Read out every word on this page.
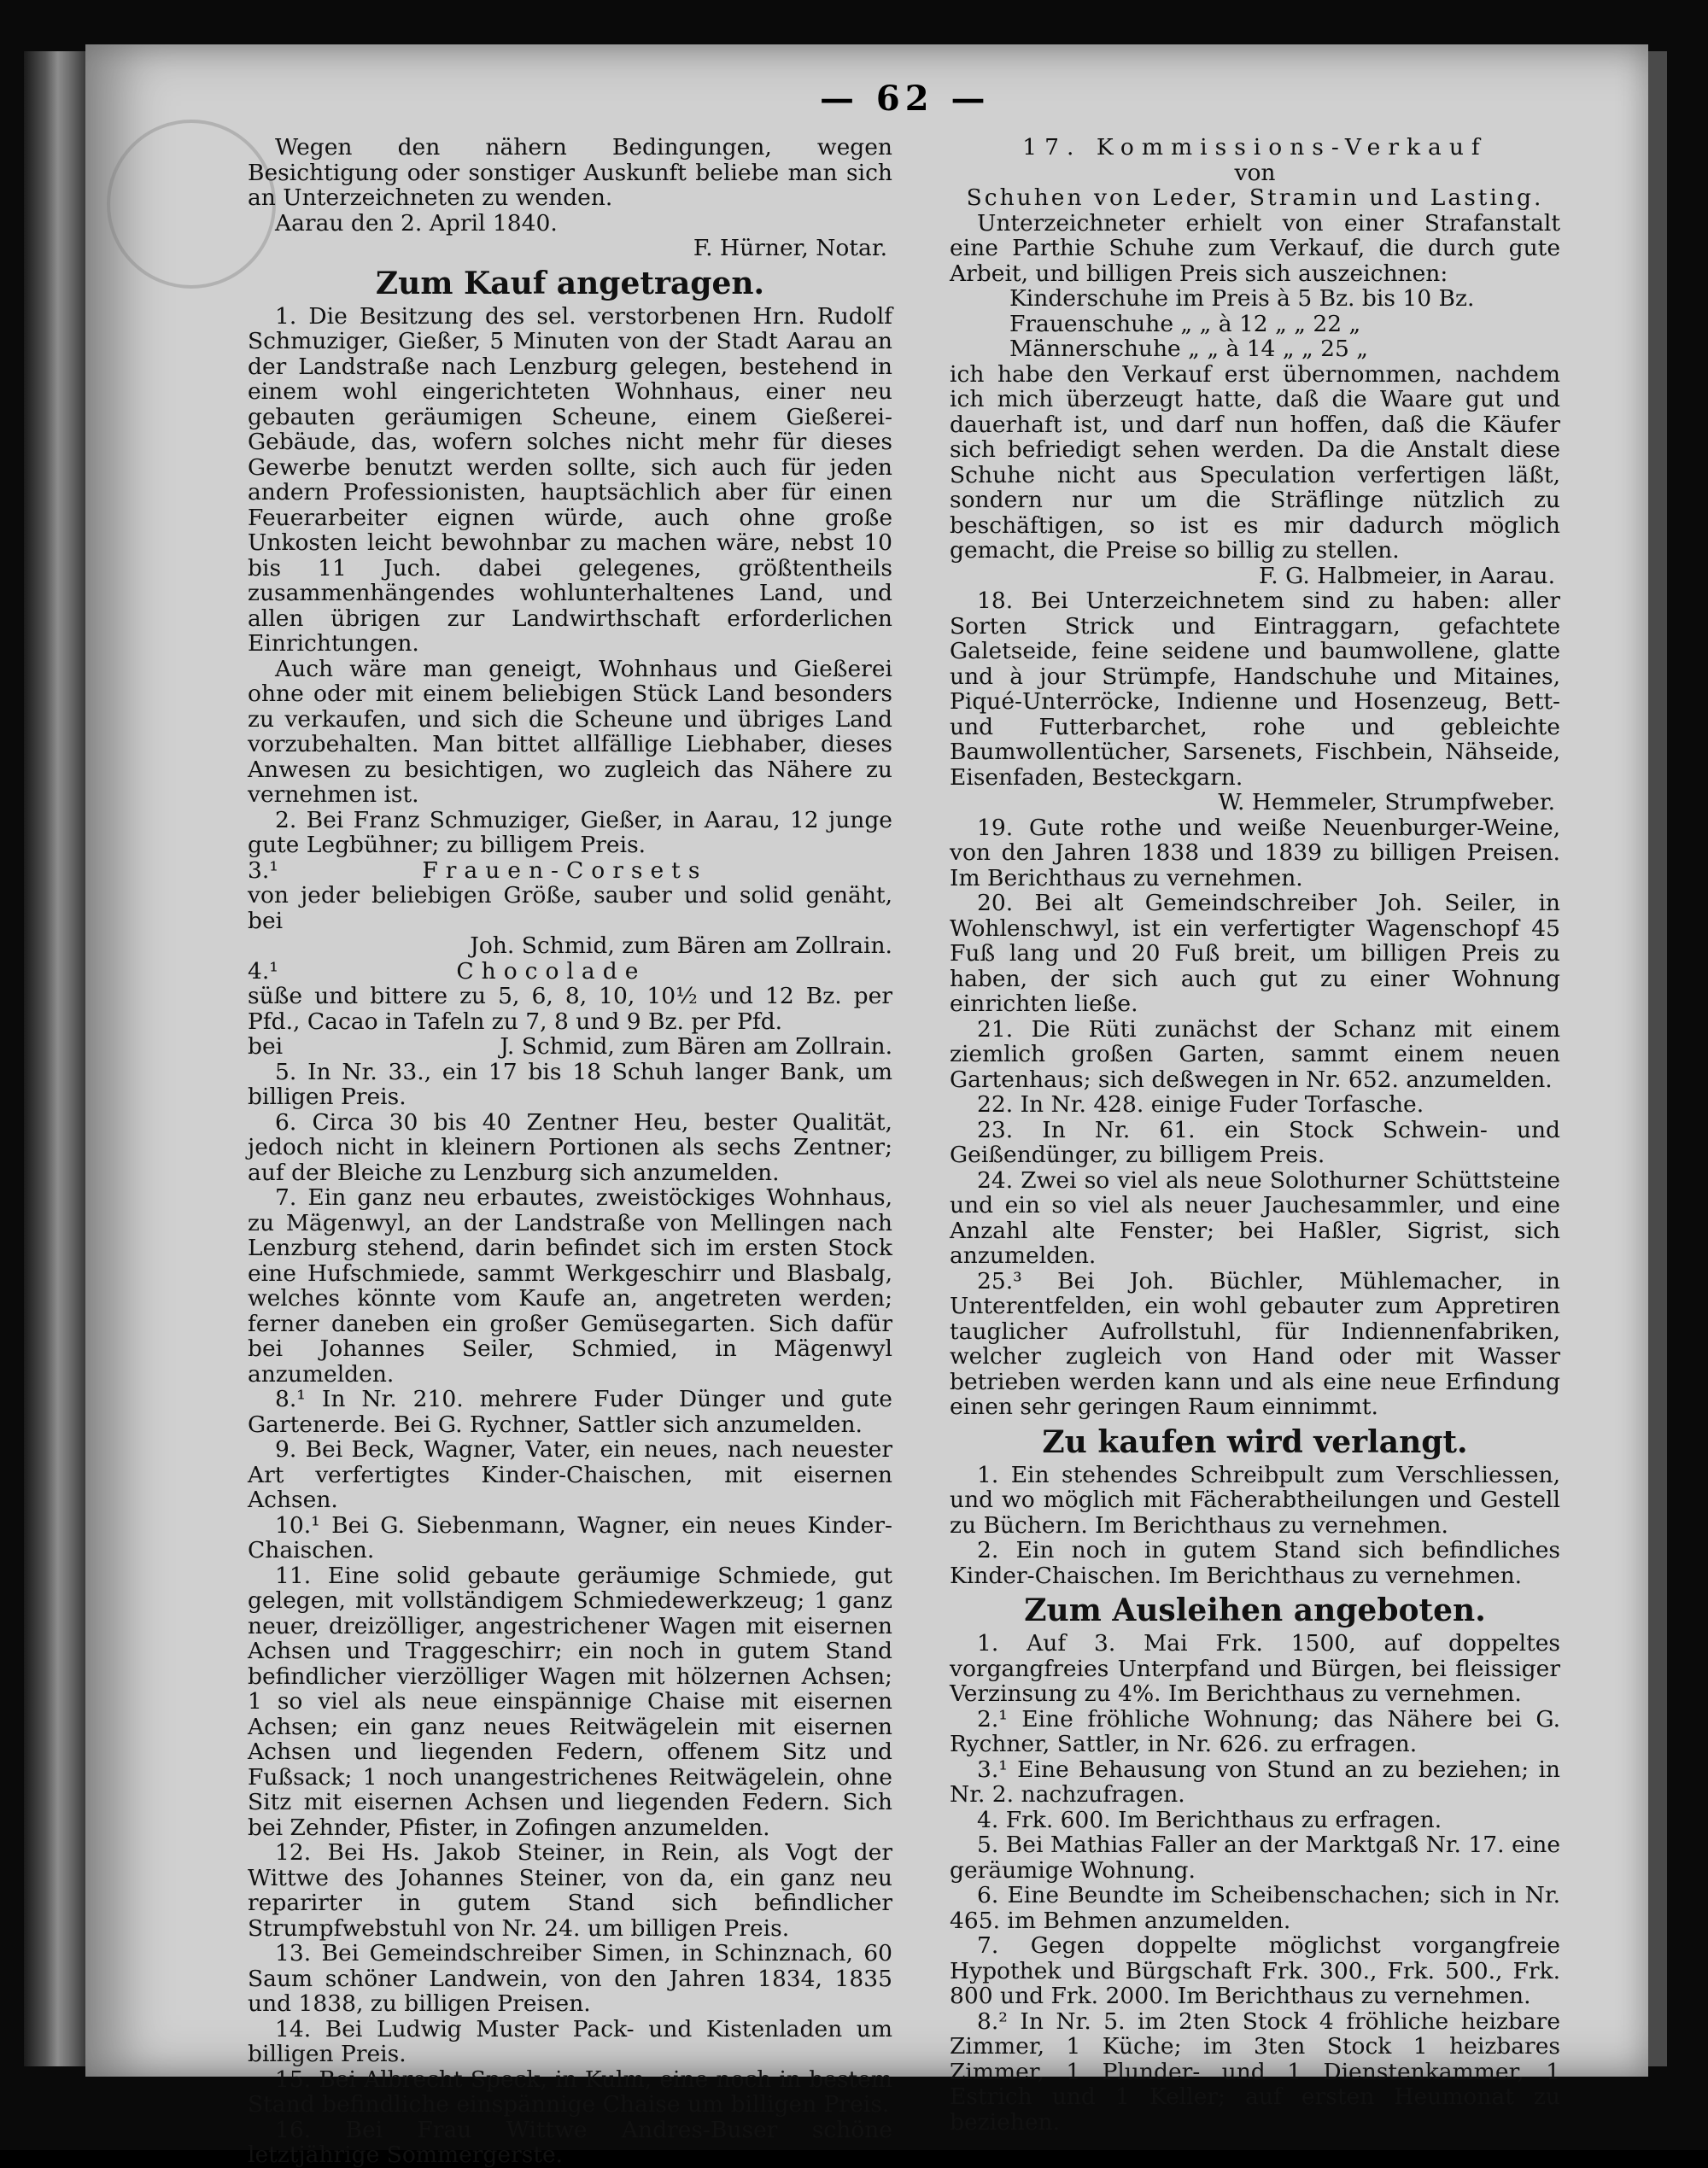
— 62 —

Wegen den nähern Bedingungen, wegen Besichtigung oder sonstiger Auskunft beliebe man sich an Unterzeichneten zu wenden.

Aarau den 2. April 1840.

F. Hürner, Notar.

Zum Kauf angetragen.

1. Die Besitzung des sel. verstorbenen Hrn. Rudolf Schmuziger, Gießer, 5 Minuten von der Stadt Aarau an der Landstraße nach Lenzburg gelegen, bestehend in einem wohl eingerichteten Wohnhaus, einer neu gebauten geräumigen Scheune, einem Gießerei-Gebäude, das, wofern solches nicht mehr für dieses Gewerbe benutzt werden sollte, sich auch für jeden andern Professionisten, hauptsächlich aber für einen Feuerarbeiter eignen würde, auch ohne große Unkosten leicht bewohnbar zu machen wäre, nebst 10 bis 11 Juch. dabei gelegenes, größtentheils zusammenhängendes wohlunterhaltenes Land, und allen übrigen zur Landwirthschaft erforderlichen Einrichtungen.

Auch wäre man geneigt, Wohnhaus und Gießerei ohne oder mit einem beliebigen Stück Land besonders zu verkaufen, und sich die Scheune und übriges Land vorzubehalten. Man bittet allfällige Liebhaber, dieses Anwesen zu besichtigen, wo zugleich das Nähere zu vernehmen ist.

2. Bei Franz Schmuziger, Gießer, in Aarau, 12 junge gute Legbühner; zu billigem Preis.

3.¹	Frauen-Corsets

von jeder beliebigen Größe, sauber und solid genäht, bei

Joh. Schmid, zum Bären am Zollrain.

4.¹	Chocolade

süße und bittere zu 5, 6, 8, 10, 10½ und 12 Bz. per Pfd., Cacao in Tafeln zu 7, 8 und 9 Bz. per Pfd.

bei	J. Schmid, zum Bären am Zollrain.

5. In Nr. 33., ein 17 bis 18 Schuh langer Bank, um billigen Preis.

6. Circa 30 bis 40 Zentner Heu, bester Qualität, jedoch nicht in kleinern Portionen als sechs Zentner; auf der Bleiche zu Lenzburg sich anzumelden.

7. Ein ganz neu erbautes, zweistöckiges Wohnhaus, zu Mägenwyl, an der Landstraße von Mellingen nach Lenzburg stehend, darin befindet sich im ersten Stock eine Hufschmiede, sammt Werkgeschirr und Blasbalg, welches könnte vom Kaufe an, angetreten werden; ferner daneben ein großer Gemüsegarten. Sich dafür bei Johannes Seiler, Schmied, in Mägenwyl anzumelden.

8.¹ In Nr. 210. mehrere Fuder Dünger und gute Gartenerde. Bei G. Rychner, Sattler sich anzumelden.

9. Bei Beck, Wagner, Vater, ein neues, nach neuester Art verfertigtes Kinder-Chaischen, mit eisernen Achsen.

10.¹ Bei G. Siebenmann, Wagner, ein neues Kinder-Chaischen.

11. Eine solid gebaute geräumige Schmiede, gut gelegen, mit vollständigem Schmiedewerkzeug; 1 ganz neuer, dreizölliger, angestrichener Wagen mit eisernen Achsen und Traggeschirr; ein noch in gutem Stand befindlicher vierzölliger Wagen mit hölzernen Achsen; 1 so viel als neue einspännige Chaise mit eisernen Achsen; ein ganz neues Reitwägelein mit eisernen Achsen und liegenden Federn, offenem Sitz und Fußsack; 1 noch unangestrichenes Reitwägelein, ohne Sitz mit eisernen Achsen und liegenden Federn. Sich bei Zehnder, Pfister, in Zofingen anzumelden.

12. Bei Hs. Jakob Steiner, in Rein, als Vogt der Wittwe des Johannes Steiner, von da, ein ganz neu reparirter in gutem Stand sich befindlicher Strumpfwebstuhl von Nr. 24. um billigen Preis.

13. Bei Gemeindschreiber Simen, in Schinznach, 60 Saum schöner Landwein, von den Jahren 1834, 1835 und 1838, zu billigen Preisen.

14. Bei Ludwig Muster Pack- und Kistenladen um billigen Preis.

15. Bei Albrecht Speck, in Kulm, eine noch in bestem Stand befindliche einspännige Chaise um billigen Preis.

16. Bei Frau Wittwe Andres-Buser schöne letztjährige Sommergerste.

17. Kommissions-Verkauf

von

Schuhen von Leder, Stramin und Lasting.

Unterzeichneter erhielt von einer Strafanstalt eine Parthie Schuhe zum Verkauf, die durch gute Arbeit, und billigen Preis sich auszeichnen:

Kinderschuhe im Preis à 5 Bz. bis 10 Bz.

Frauenschuhe „ „ à 12 „ „ 22 „

Männerschuhe „ „ à 14 „ „ 25 „

ich habe den Verkauf erst übernommen, nachdem ich mich überzeugt hatte, daß die Waare gut und dauerhaft ist, und darf nun hoffen, daß die Käufer sich befriedigt sehen werden. Da die Anstalt diese Schuhe nicht aus Speculation verfertigen läßt, sondern nur um die Sträflinge nützlich zu beschäftigen, so ist es mir dadurch möglich gemacht, die Preise so billig zu stellen.

F. G. Halbmeier, in Aarau.

18. Bei Unterzeichnetem sind zu haben: aller Sorten Strick und Eintraggarn, gefachtete Galetseide, feine seidene und baumwollene, glatte und à jour Strümpfe, Handschuhe und Mitaines, Piqué-Unterröcke, Indienne und Hosenzeug, Bett- und Futterbarchet, rohe und gebleichte Baumwollentücher, Sarsenets, Fischbein, Nähseide, Eisenfaden, Besteckgarn.

W. Hemmeler, Strumpfweber.

19. Gute rothe und weiße Neuenburger-Weine, von den Jahren 1838 und 1839 zu billigen Preisen. Im Berichthaus zu vernehmen.

20. Bei alt Gemeindschreiber Joh. Seiler, in Wohlenschwyl, ist ein verfertigter Wagenschopf 45 Fuß lang und 20 Fuß breit, um billigen Preis zu haben, der sich auch gut zu einer Wohnung einrichten ließe.

21. Die Rüti zunächst der Schanz mit einem ziemlich großen Garten, sammt einem neuen Gartenhaus; sich deßwegen in Nr. 652. anzumelden.

22. In Nr. 428. einige Fuder Torfasche.

23. In Nr. 61. ein Stock Schwein- und Geißendünger, zu billigem Preis.

24. Zwei so viel als neue Solothurner Schüttsteine und ein so viel als neuer Jauchesammler, und eine Anzahl alte Fenster; bei Haßler, Sigrist, sich anzumelden.

25.³ Bei Joh. Büchler, Mühlemacher, in Unterentfelden, ein wohl gebauter zum Appretiren tauglicher Aufrollstuhl, für Indiennenfabriken, welcher zugleich von Hand oder mit Wasser betrieben werden kann und als eine neue Erfindung einen sehr geringen Raum einnimmt.

Zu kaufen wird verlangt.

1. Ein stehendes Schreibpult zum Verschliessen, und wo möglich mit Fächerabtheilungen und Gestell zu Büchern. Im Berichthaus zu vernehmen.

2. Ein noch in gutem Stand sich befindliches Kinder-Chaischen. Im Berichthaus zu vernehmen.

Zum Ausleihen angeboten.

1. Auf 3. Mai Frk. 1500, auf doppeltes vorgangfreies Unterpfand und Bürgen, bei fleissiger Verzinsung zu 4%. Im Berichthaus zu vernehmen.

2.¹ Eine fröhliche Wohnung; das Nähere bei G. Rychner, Sattler, in Nr. 626. zu erfragen.

3.¹ Eine Behausung von Stund an zu beziehen; in Nr. 2. nachzufragen.

4. Frk. 600. Im Berichthaus zu erfragen.

5. Bei Mathias Faller an der Marktgaß Nr. 17. eine geräumige Wohnung.

6. Eine Beundte im Scheibenschachen; sich in Nr. 465. im Behmen anzumelden.

7. Gegen doppelte möglichst vorgangfreie Hypothek und Bürgschaft Frk. 300., Frk. 500., Frk. 800 und Frk. 2000. Im Berichthaus zu vernehmen.

8.² In Nr. 5. im 2ten Stock 4 fröhliche heizbare Zimmer, 1 Küche; im 3ten Stock 1 heizbares Zimmer, 1 Plunder- und 1 Dienstenkammer, 1 Estrich und 1 Keller; auf ersten Heumonat zu beziehen.
